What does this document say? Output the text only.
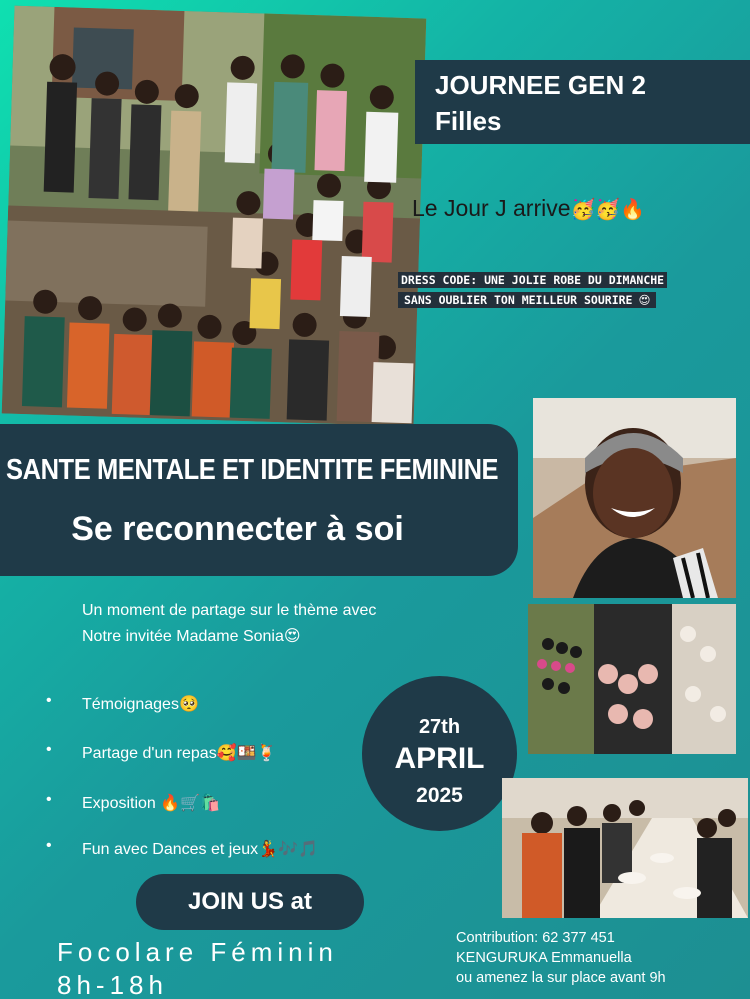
JOURNEE GEN 2
Filles
Le Jour J arrive🥳🥳🔥
DRESS CODE: UNE JOLIE ROBE DU DIMANCHE
SANS OUBLIER TON MEILLEUR SOURIRE 😍
SANTE MENTALE ET IDENTITE FEMININE
Se reconnecter à soi
Un moment de partage sur le thème avec
Notre invitée Madame Sonia😍
• Témoignages🥺
• Partage d'un repas🥰🍱🍹
• Exposition 🔥🛒🛍️
• Fun avec Dances et jeux💃🎶🎵
27th
APRIL
2025
JOIN US at
Focolare Féminin
8h-18h
Contribution: 62 377 451
KENGURUKA Emmanuella
ou amenez la sur place avant 9h
